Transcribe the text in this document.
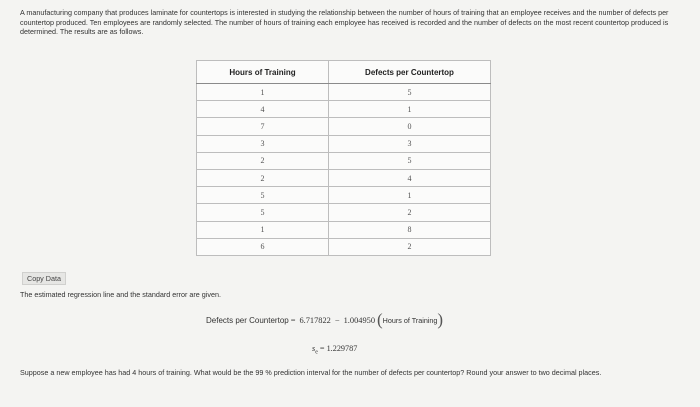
A manufacturing company that produces laminate for countertops is interested in studying the relationship between the number of hours of training that an employee receives and the number of defects per countertop produced. Ten employees are randomly selected. The number of hours of training each employee has received is recorded and the number of defects on the most recent countertop produced is determined. The results are as follows.
Hours of Training	Defects per Countertop
1	5
4	1
7	0
3	3
2	5
2	4
5	1
5	2
1	8
6	2
Copy Data
The estimated regression line and the standard error are given.
Defects per Countertop = 6.717822 − 1.004950 ( Hours of Training )
$s_e = 1.229787$
Suppose a new employee has had 4 hours of training. What would be the 99 % prediction interval for the number of defects per countertop? Round your answer to two decimal places.
